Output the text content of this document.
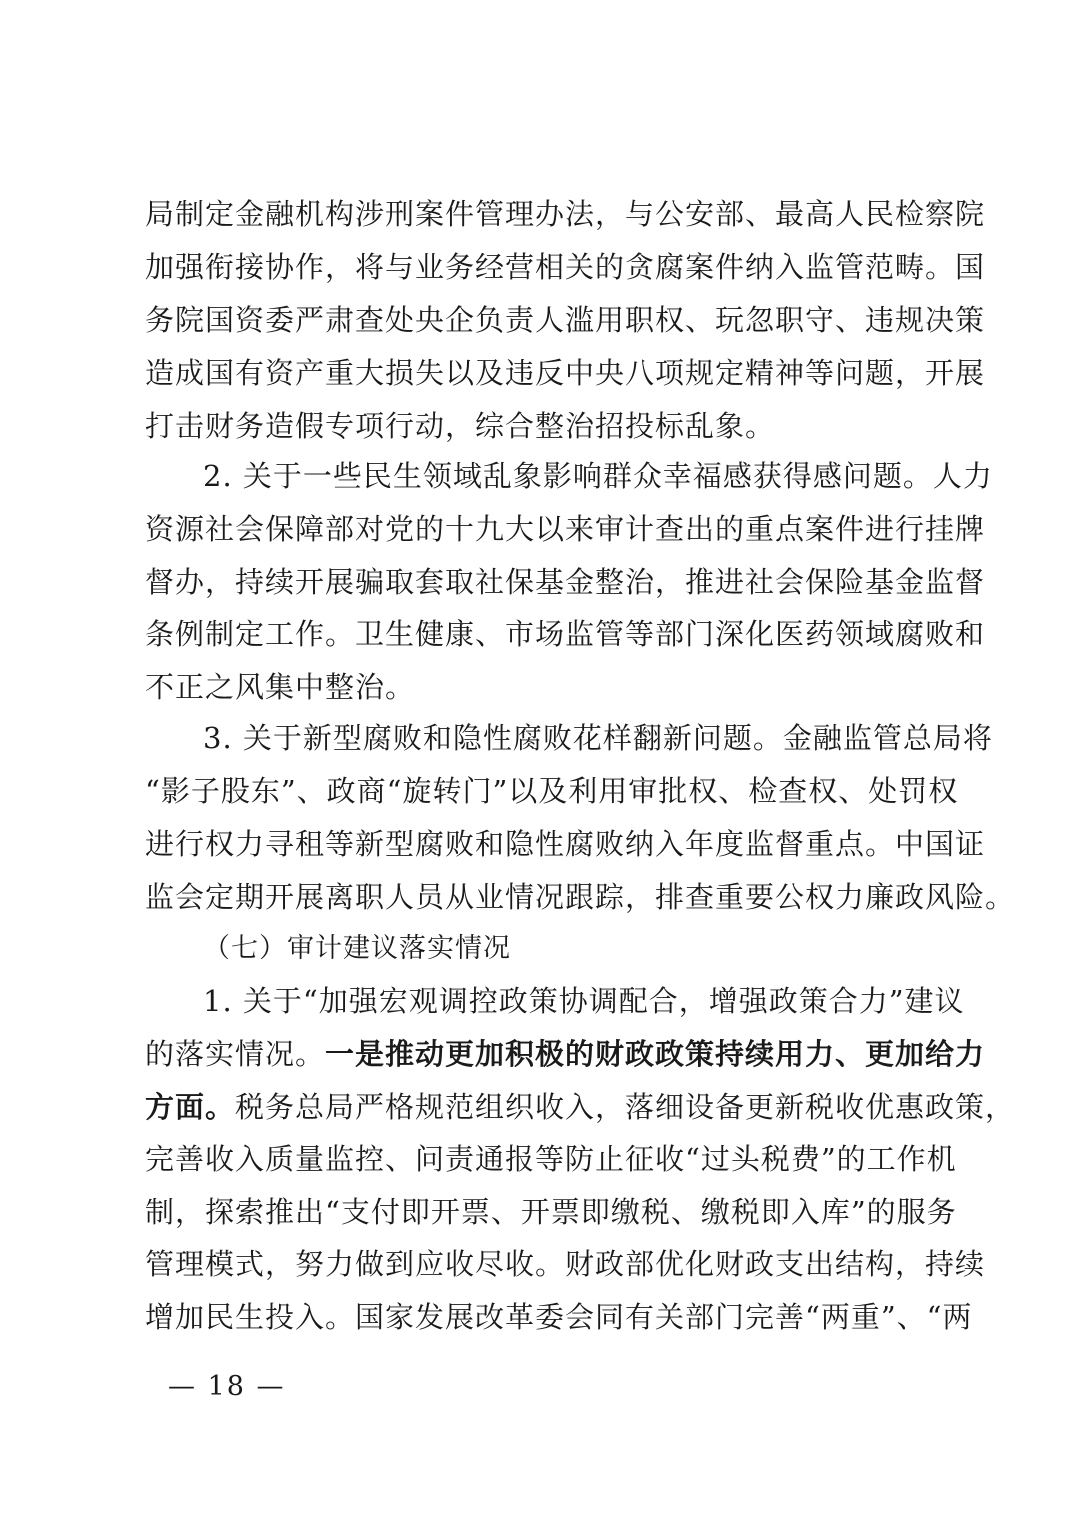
局制定金融机构涉刑案件管理办法，与公安部、最高人民检察院
加强衔接协作，将与业务经营相关的贪腐案件纳入监管范畴。国
务院国资委严肃查处央企负责人滥用职权、玩忽职守、违规决策
造成国有资产重大损失以及违反中央八项规定精神等问题，开展
打击财务造假专项行动，综合整治招投标乱象。
2. 关于一些民生领域乱象影响群众幸福感获得感问题。人力
资源社会保障部对党的十九大以来审计查出的重点案件进行挂牌
督办，持续开展骗取套取社保基金整治，推进社会保险基金监督
条例制定工作。卫生健康、市场监管等部门深化医药领域腐败和
不正之风集中整治。
3. 关于新型腐败和隐性腐败花样翻新问题。金融监管总局将
“影子股东”、政商“旋转门”以及利用审批权、检查权、处罚权
进行权力寻租等新型腐败和隐性腐败纳入年度监督重点。中国证
监会定期开展离职人员从业情况跟踪，排查重要公权力廉政风险。
（七）审计建议落实情况
1. 关于“加强宏观调控政策协调配合，增强政策合力”建议
的落实情况。一是推动更加积极的财政政策持续用力、更加给力
方面。税务总局严格规范组织收入，落细设备更新税收优惠政策，
完善收入质量监控、问责通报等防止征收“过头税费”的工作机
制，探索推出“支付即开票、开票即缴税、缴税即入库”的服务
管理模式，努力做到应收尽收。财政部优化财政支出结构，持续
增加民生投入。国家发展改革委会同有关部门完善“两重”、“两
— 18 —
